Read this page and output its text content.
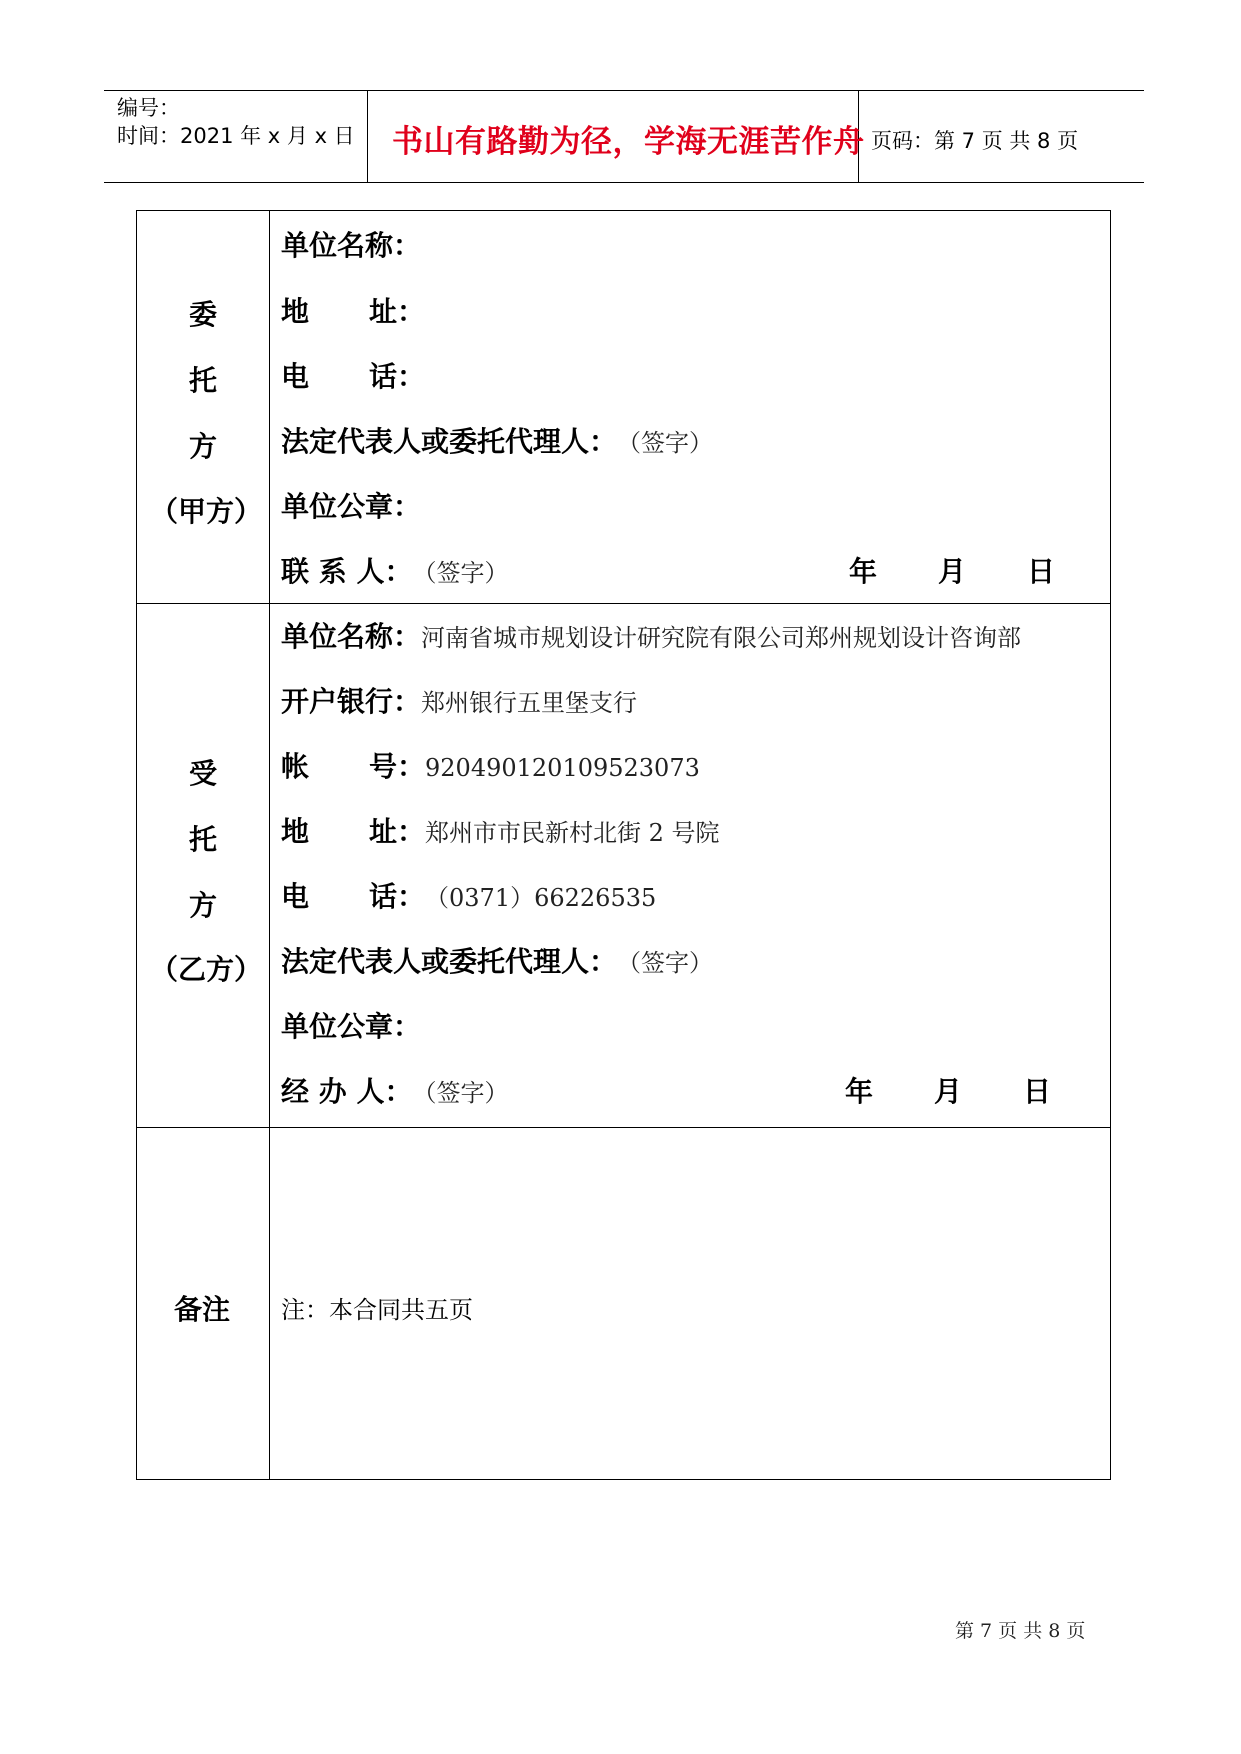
编号：
时间：2021 年 x 月 x 日 书山有路勤为径，学海无涯苦作舟 页码：第 7 页 共 8 页
委
托
方
（甲方）
单位名称：
地 址：
电 话：
法定代表人或委托代理人：（签字）
单位公章：
联 系 人：（签字）	年 月 日
受
托
方
（乙方）
单位名称：河南省城市规划设计研究院有限公司郑州规划设计咨询部
开户银行：郑州银行五里堡支行
帐 号：920490120109523073
地 址：郑州市市民新村北街 2 号院
电 话：（0371）66226535
法定代表人或委托代理人：（签字）
单位公章：
经 办 人：（签字）	年 月 日
备注 注：本合同共五页
第 7 页 共 8 页
